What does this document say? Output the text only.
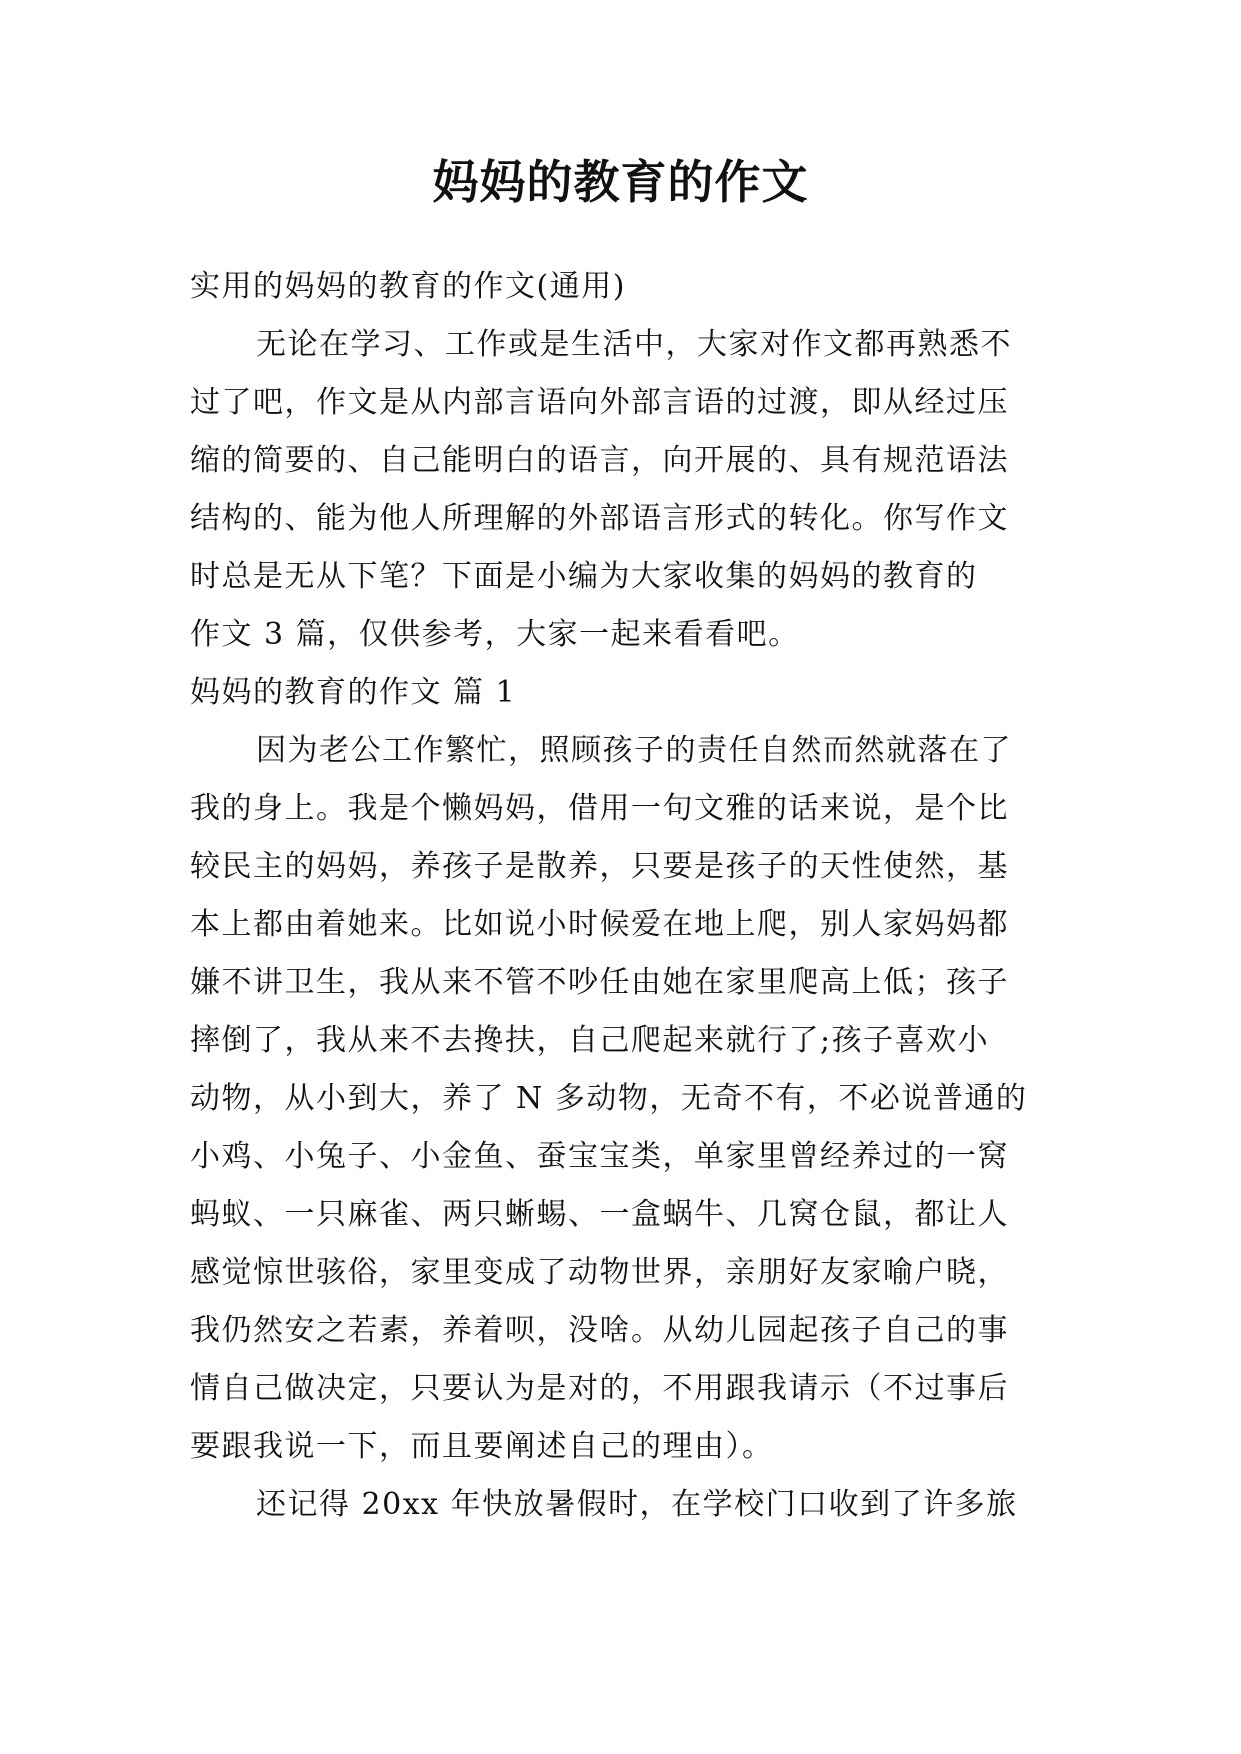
妈妈的教育的作文
实用的妈妈的教育的作文(通用)
无论在学习、工作或是生活中，大家对作文都再熟悉不
过了吧，作文是从内部言语向外部言语的过渡，即从经过压
缩的简要的、自己能明白的语言，向开展的、具有规范语法
结构的、能为他人所理解的外部语言形式的转化。你写作文
时总是无从下笔？下面是小编为大家收集的妈妈的教育的
作文 3 篇，仅供参考，大家一起来看看吧。
妈妈的教育的作文 篇 1
因为老公工作繁忙，照顾孩子的责任自然而然就落在了
我的身上。我是个懒妈妈，借用一句文雅的话来说，是个比
较民主的妈妈，养孩子是散养，只要是孩子的天性使然，基
本上都由着她来。比如说小时候爱在地上爬，别人家妈妈都
嫌不讲卫生，我从来不管不吵任由她在家里爬高上低；孩子
摔倒了，我从来不去搀扶，自己爬起来就行了;孩子喜欢小
动物，从小到大，养了 N 多动物，无奇不有，不必说普通的
小鸡、小兔子、小金鱼、蚕宝宝类，单家里曾经养过的一窝
蚂蚁、一只麻雀、两只蜥蜴、一盒蜗牛、几窝仓鼠，都让人
感觉惊世骇俗，家里变成了动物世界，亲朋好友家喻户晓，
我仍然安之若素，养着呗，没啥。从幼儿园起孩子自己的事
情自己做决定，只要认为是对的，不用跟我请示（不过事后
要跟我说一下，而且要阐述自己的理由）。
还记得 20xx 年快放暑假时，在学校门口收到了许多旅
